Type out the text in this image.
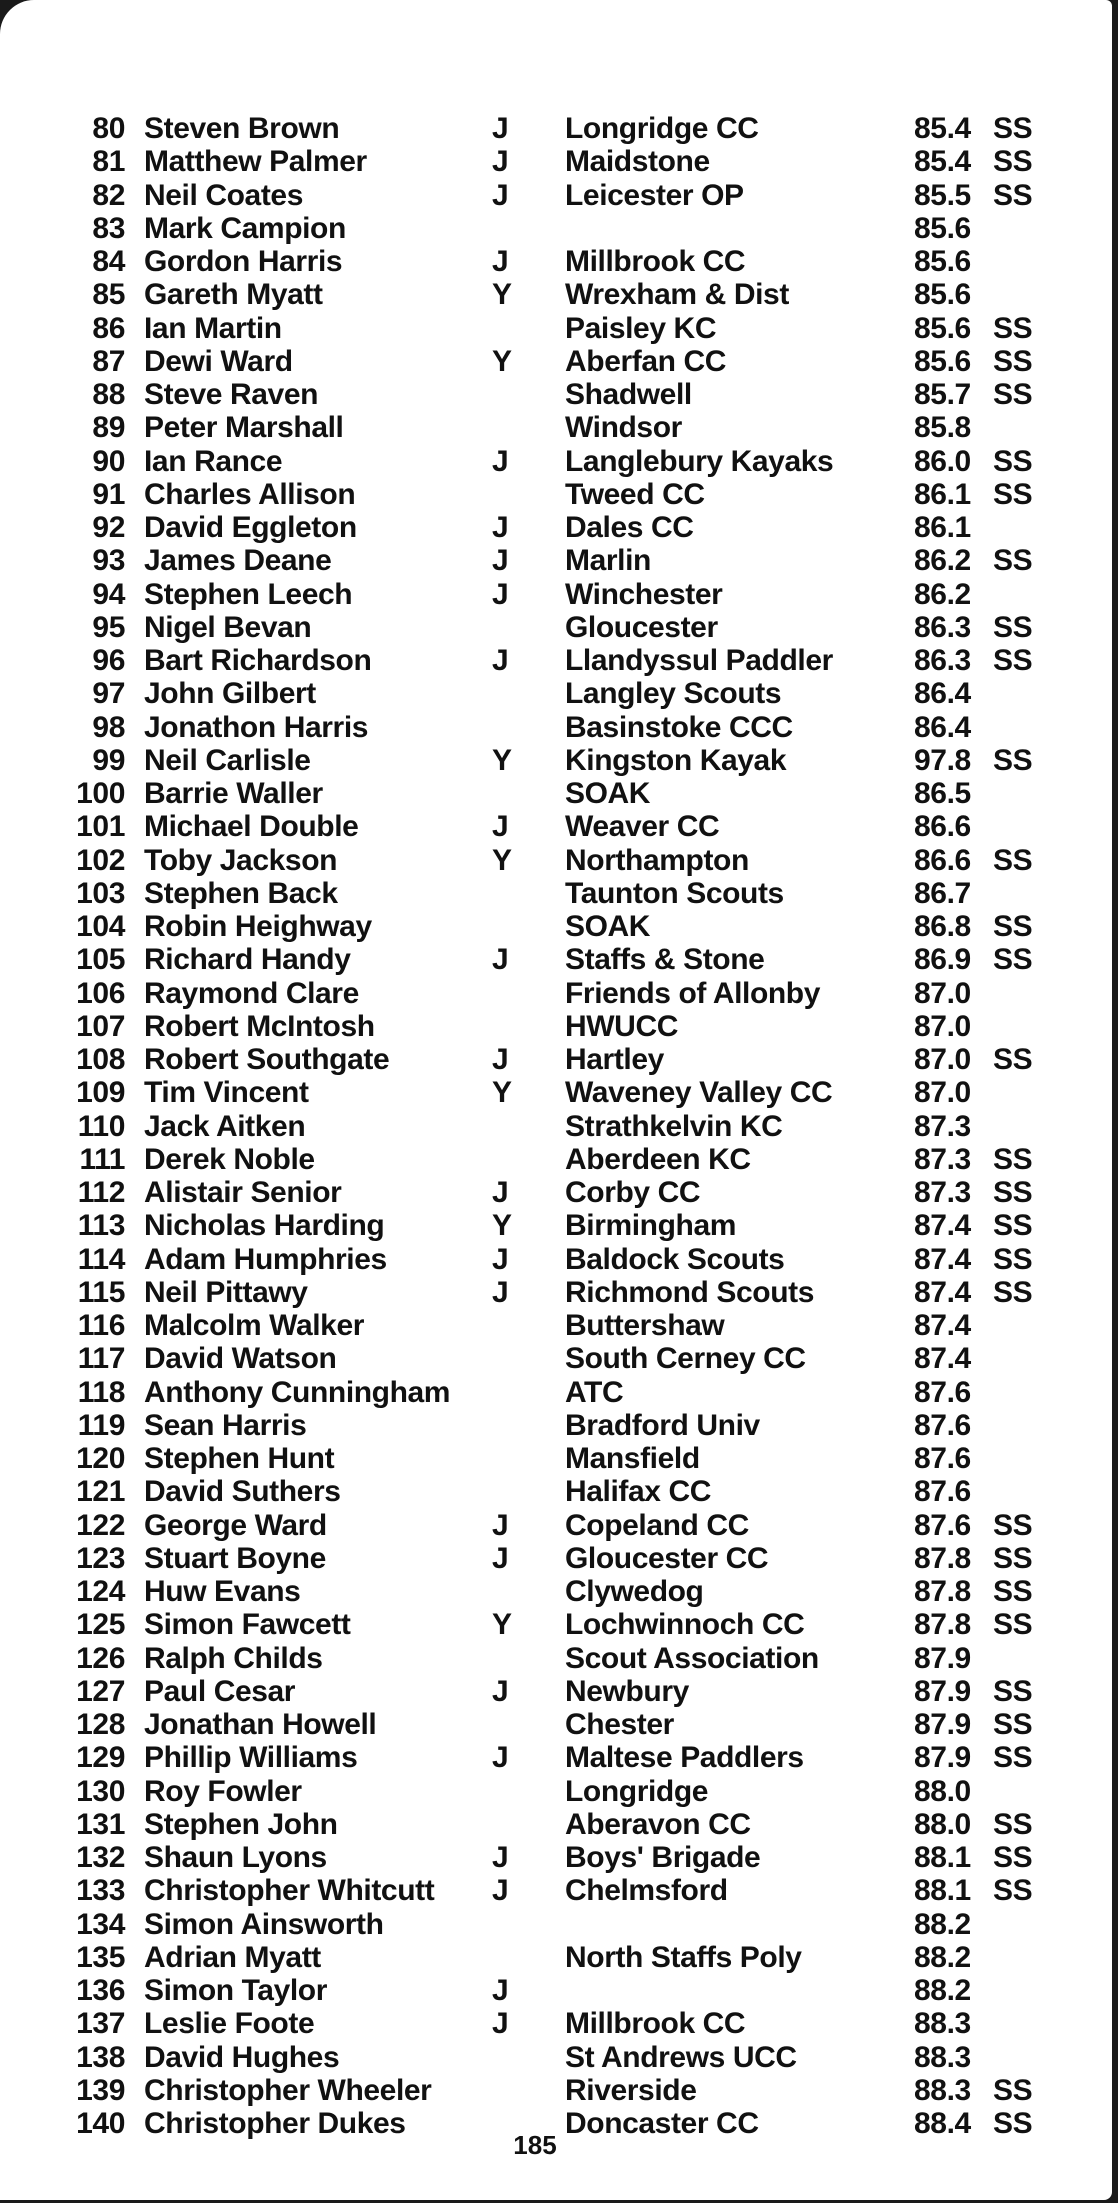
80 Steven Brown	J Longridge CC	85.4 SS
81 Matthew Palmer	J Maidstone	85.4 SS
82 Neil Coates	J Leicester OP	85.5 SS
83 Mark Campion	85.6
84 Gordon Harris	J Millbrook CC	85.6
85 Gareth Myatt	Y Wrexham & Dist	85.6
86 Ian Martin	Paisley KC	85.6 SS
87 Dewi Ward	Y Aberfan CC	85.6 SS
88 Steve Raven	Shadwell	85.7 SS
89 Peter Marshall	Windsor	85.8
90 Ian Rance	J Langlebury Kayaks	86.0 SS
91 Charles Allison	Tweed CC	86.1 SS
92 David Eggleton	J Dales CC	86.1
93 James Deane	J Marlin	86.2 SS
94 Stephen Leech	J Winchester	86.2
95 Nigel Bevan	Gloucester	86.3 SS
96 Bart Richardson	J Llandyssul Paddler	86.3 SS
97 John Gilbert	Langley Scouts	86.4
98 Jonathon Harris	Basinstoke CCC	86.4
99 Neil Carlisle	Y Kingston Kayak	97.8 SS
100 Barrie Waller	SOAK	86.5
101 Michael Double	J Weaver CC	86.6
102 Toby Jackson	Y Northampton	86.6 SS
103 Stephen Back	Taunton Scouts	86.7
104 Robin Heighway	SOAK	86.8 SS
105 Richard Handy	J Staffs & Stone	86.9 SS
106 Raymond Clare	Friends of Allonby	87.0
107 Robert McIntosh	HWUCC	87.0
108 Robert Southgate	J Hartley	87.0 SS
109 Tim Vincent	Y Waveney Valley CC	87.0
110 Jack Aitken	Strathkelvin KC	87.3
111 Derek Noble	Aberdeen KC	87.3 SS
112 Alistair Senior	J Corby CC	87.3 SS
113 Nicholas Harding	Y Birmingham	87.4 SS
114 Adam Humphries	J Baldock Scouts	87.4 SS
115 Neil Pittawy	J Richmond Scouts	87.4 SS
116 Malcolm Walker	Buttershaw	87.4
117 David Watson	South Cerney CC	87.4
118 Anthony Cunningham	ATC	87.6
119 Sean Harris	Bradford Univ	87.6
120 Stephen Hunt	Mansfield	87.6
121 David Suthers	Halifax CC	87.6
122 George Ward	J Copeland CC	87.6 SS
123 Stuart Boyne	J Gloucester CC	87.8 SS
124 Huw Evans	Clywedog	87.8 SS
125 Simon Fawcett	Y Lochwinnoch CC	87.8 SS
126 Ralph Childs	Scout Association	87.9
127 Paul Cesar	J Newbury	87.9 SS
128 Jonathan Howell	Chester	87.9 SS
129 Phillip Williams	J Maltese Paddlers	87.9 SS
130 Roy Fowler	Longridge	88.0
131 Stephen John	Aberavon CC	88.0 SS
132 Shaun Lyons	J Boys' Brigade	88.1 SS
133 Christopher Whitcutt J Chelmsford	88.1 SS
134 Simon Ainsworth	88.2
135 Adrian Myatt	North Staffs Poly	88.2
136 Simon Taylor	J	88.2
137 Leslie Foote	J Millbrook CC	88.3
138 David Hughes	St Andrews UCC	88.3
139 Christopher Wheeler	Riverside	88.3 SS
140 Christopher Dukes	Doncaster CC	88.4 SS
185
